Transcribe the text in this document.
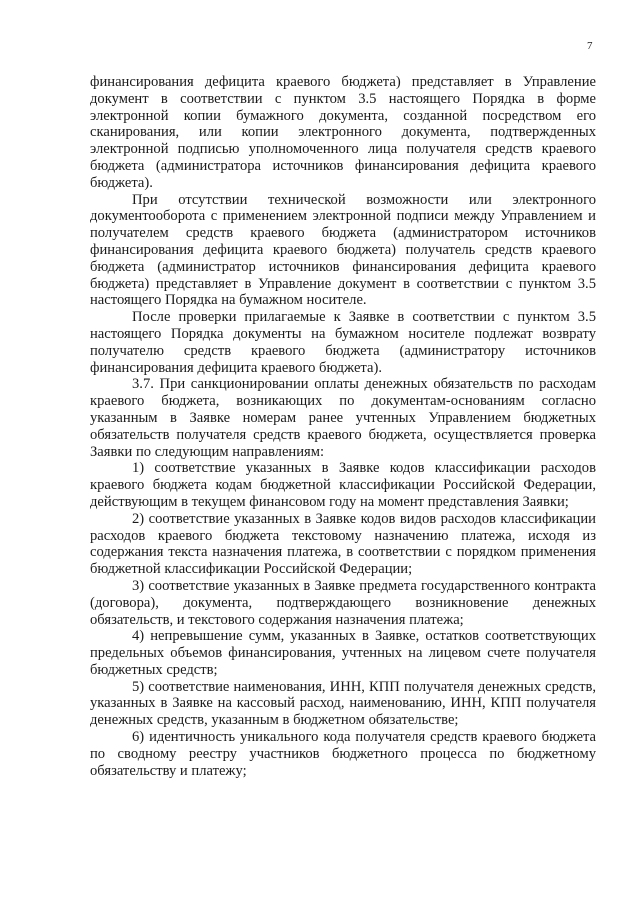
7

финансирования дефицита краевого бюджета) представляет в Управление документ в соответствии с пунктом 3.5 настоящего Порядка в форме электронной копии бумажного документа, созданной посредством его сканирования, или копии электронного документа, подтвержденных электронной подписью уполномоченного лица получателя средств краевого бюджета (администратора источников финансирования дефицита краевого бюджета).

При отсутствии технической возможности или электронного документооборота с применением электронной подписи между Управлением и получателем средств краевого бюджета (администратором источников финансирования дефицита краевого бюджета) получатель средств краевого бюджета (администратор источников финансирования дефицита краевого бюджета) представляет в Управление документ в соответствии с пунктом 3.5 настоящего Порядка на бумажном носителе.

После проверки прилагаемые к Заявке в соответствии с пунктом 3.5 настоящего Порядка документы на бумажном носителе подлежат возврату получателю средств краевого бюджета (администратору источников финансирования дефицита краевого бюджета).

3.7. При санкционировании оплаты денежных обязательств по расходам краевого бюджета, возникающих по документам-основаниям согласно указанным в Заявке номерам ранее учтенных Управлением бюджетных обязательств получателя средств краевого бюджета, осуществляется проверка Заявки по следующим направлениям:

1) соответствие указанных в Заявке кодов классификации расходов краевого бюджета кодам бюджетной классификации Российской Федерации, действующим в текущем финансовом году на момент представления Заявки;

2) соответствие указанных в Заявке кодов видов расходов классификации расходов краевого бюджета текстовому назначению платежа, исходя из содержания текста назначения платежа, в соответствии с порядком применения бюджетной классификации Российской Федерации;

3) соответствие указанных в Заявке предмета государственного контракта (договора), документа, подтверждающего возникновение денежных обязательств, и текстового содержания назначения платежа;

4) непревышение сумм, указанных в Заявке, остатков соответствующих предельных объемов финансирования, учтенных на лицевом счете получателя бюджетных средств;

5) соответствие наименования, ИНН, КПП получателя денежных средств, указанных в Заявке на кассовый расход, наименованию, ИНН, КПП получателя денежных средств, указанным в бюджетном обязательстве;

6) идентичность уникального кода получателя средств краевого бюджета по сводному реестру участников бюджетного процесса по бюджетному обязательству и платежу;
